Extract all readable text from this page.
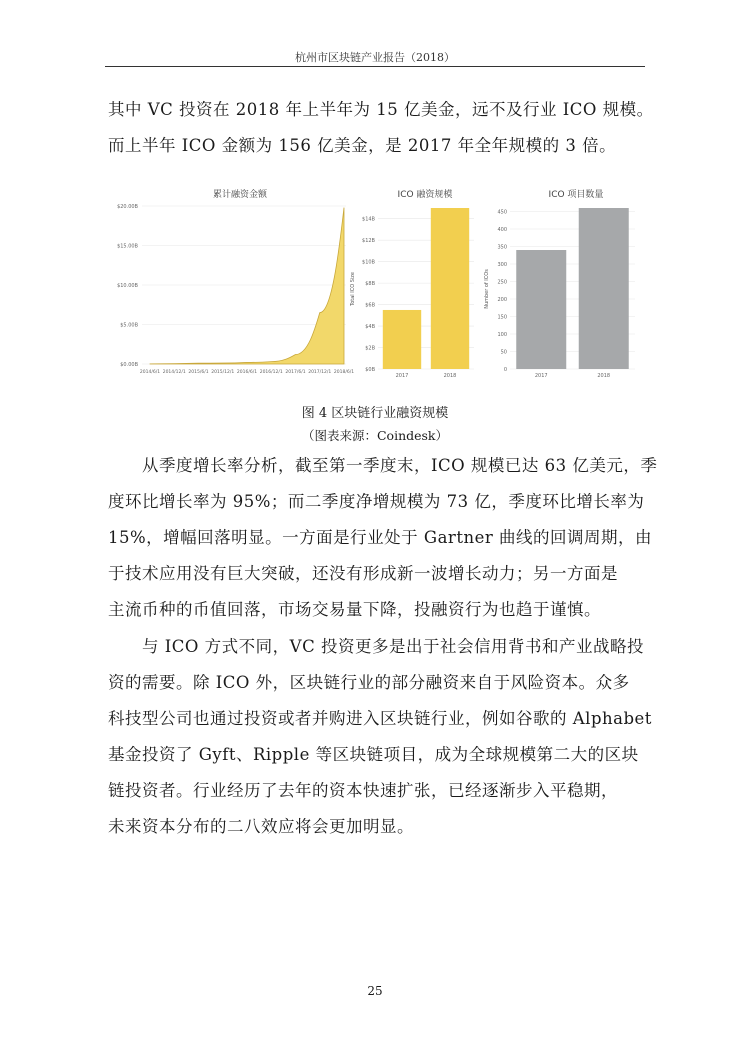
杭州市区块链产业报告（2018）
其中 VC 投资在 2018 年上半年为 15 亿美金，远不及行业 ICO 规模。
而上半年 ICO 金额为 156 亿美金，是 2017 年全年规模的 3 倍。
累计融资金额
$0.00B
$5.00B
$10.00B
$15.00B
$20.00B
2014/6/1 2014/12/1 2015/6/1 2015/12/1 2016/6/1 2016/12/1 2017/6/1 2017/12/1 2018/6/1
ICO 融资规模
Total ICO Size
$0B
$2B
$4B
$6B
$8B
$10B
$12B
$14B
2017	2018
ICO 项目数量
Number of ICOs
0
50
100
150
200
250
300
350
400
450
2017	2018
图 4 区块链行业融资规模
（图表来源：Coindesk）
从季度增长率分析，截至第一季度末，ICO 规模已达 63 亿美元，季
度环比增长率为 95%；而二季度净增规模为 73 亿，季度环比增长率为
15%，增幅回落明显。一方面是行业处于 Gartner 曲线的回调周期，由
于技术应用没有巨大突破，还没有形成新一波增长动力；另一方面是
主流币种的币值回落，市场交易量下降，投融资行为也趋于谨慎。
与 ICO 方式不同，VC 投资更多是出于社会信用背书和产业战略投
资的需要。除 ICO 外，区块链行业的部分融资来自于风险资本。众多
科技型公司也通过投资或者并购进入区块链行业，例如谷歌的 Alphabet
基金投资了 Gyft、Ripple 等区块链项目，成为全球规模第二大的区块
链投资者。行业经历了去年的资本快速扩张，已经逐渐步入平稳期，
未来资本分布的二八效应将会更加明显。
25
